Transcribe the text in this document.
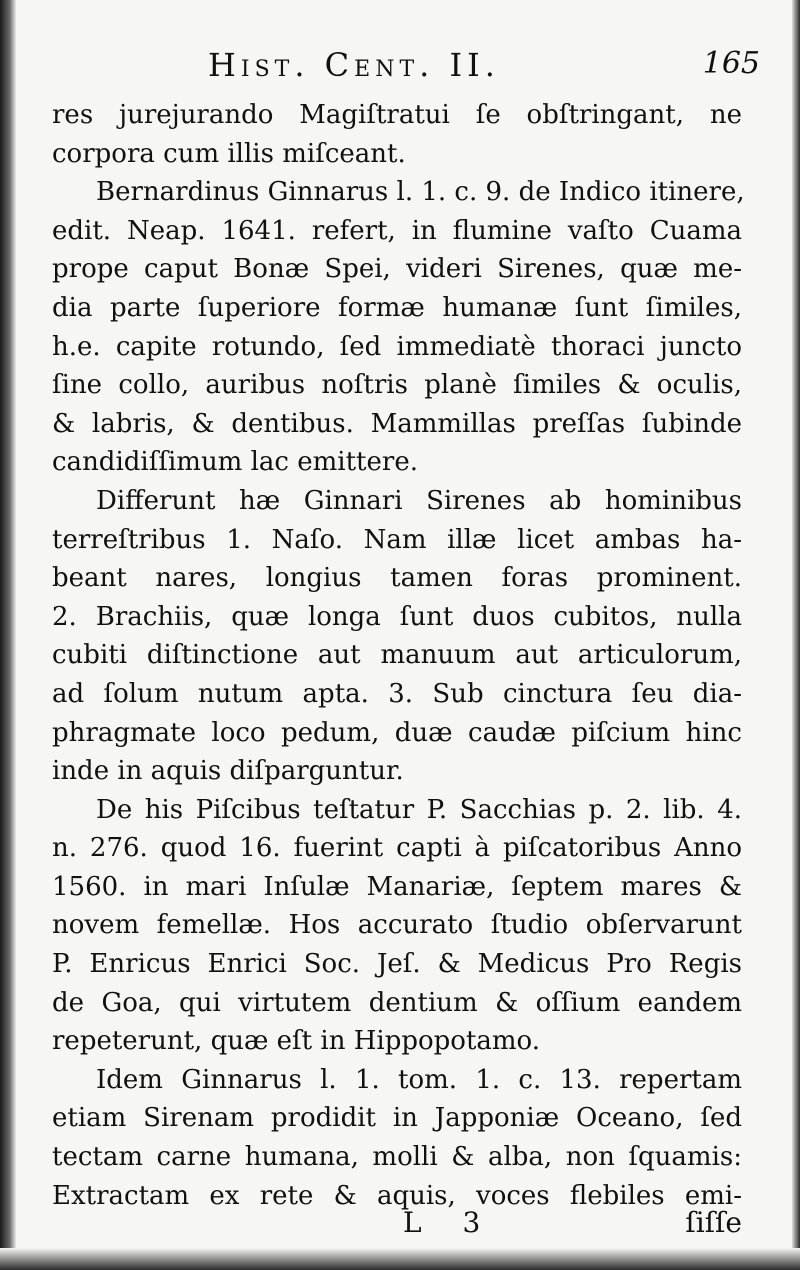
Hist. Cent. II.	165
res jurejurando Magiſtratui ſe obſtringant, ne
corpora cum illis miſceant.
Bernardinus Ginnarus l. 1. c. 9. de Indico itinere,
edit. Neap. 1641. refert, in flumine vaſto Cuama
prope caput Bonæ Spei, videri Sirenes, quæ me-
dia parte ſuperiore formæ humanæ ſunt ſimiles,
h.e. capite rotundo, ſed immediatè thoraci juncto
ſine collo, auribus noſtris planè ſimiles & oculis,
& labris, & dentibus. Mammillas preſſas ſubinde
candidiſſimum lac emittere.
Differunt hæ Ginnari Sirenes ab hominibus
terreſtribus 1. Naſo. Nam illæ licet ambas ha-
beant nares, longius tamen foras prominent.
2. Brachiis, quæ longa ſunt duos cubitos, nulla
cubiti diſtinctione aut manuum aut articulorum,
ad ſolum nutum apta. 3. Sub cinctura ſeu dia-
phragmate loco pedum, duæ caudæ piſcium hinc
inde in aquis diſparguntur.
De his Piſcibus teſtatur P. Sacchias p. 2. lib. 4.
n. 276. quod 16. fuerint capti à piſcatoribus Anno
1560. in mari Inſulæ Manariæ, ſeptem mares &
novem femellæ. Hos accurato ſtudio obſervarunt
P. Enricus Enrici Soc. Jeſ. & Medicus Pro Regis
de Goa, qui virtutem dentium & oſſium eandem
repeterunt, quæ eſt in Hippopotamo.
Idem Ginnarus l. 1. tom. 1. c. 13. repertam
etiam Sirenam prodidit in Japponiæ Oceano, ſed
tectam carne humana, molli & alba, non ſquamis:
Extractam ex rete & aquis, voces flebiles emi-
L 3	ſiſſe
